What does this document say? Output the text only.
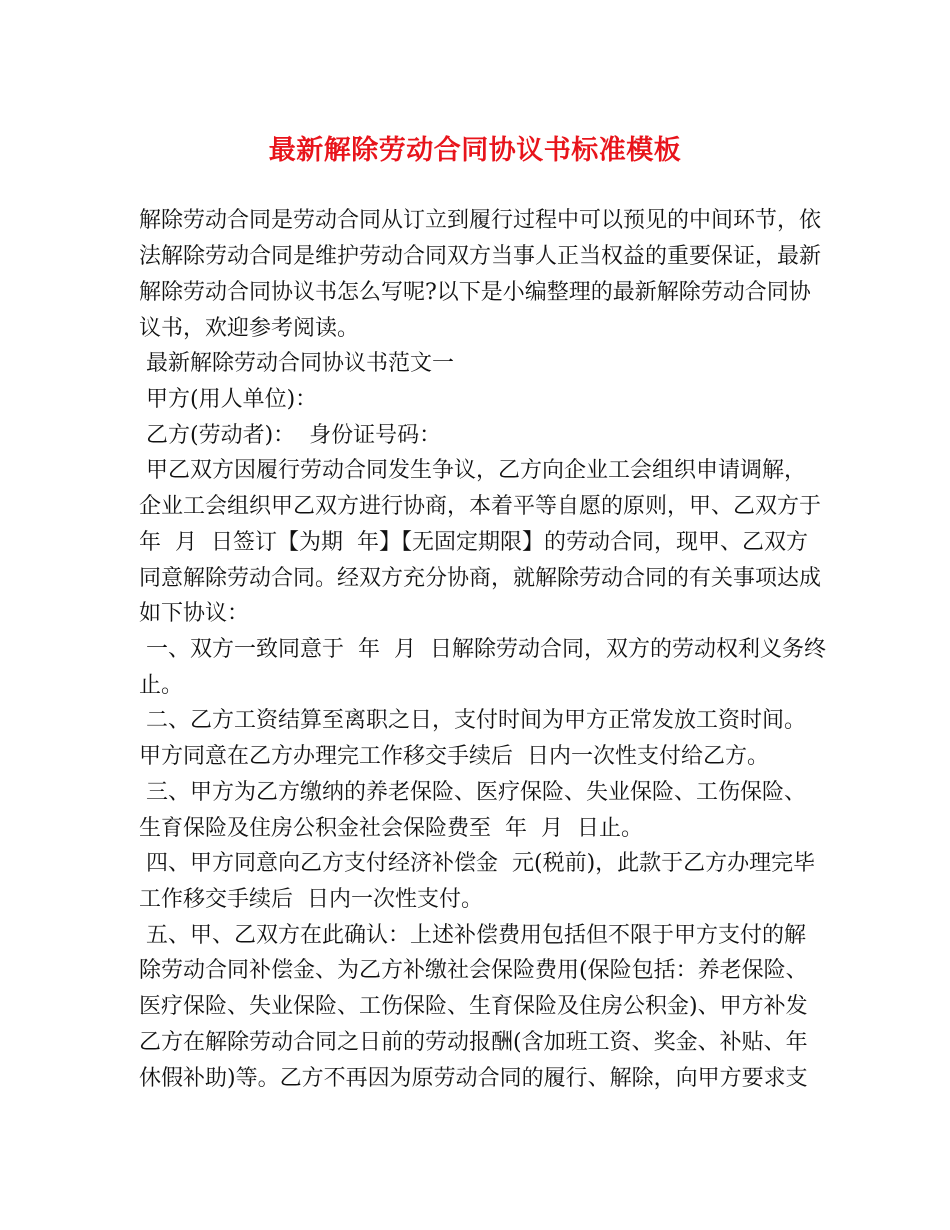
最新解除劳动合同协议书标准模板
解除劳动合同是劳动合同从订立到履行过程中可以预见的中间环节，依
法解除劳动合同是维护劳动合同双方当事人正当权益的重要保证，最新
解除劳动合同协议书怎么写呢?以下是小编整理的最新解除劳动合同协
议书，欢迎参考阅读。
最新解除劳动合同协议书范文一
甲方(用人单位)：
乙方(劳动者)：  身份证号码：
甲乙双方因履行劳动合同发生争议，乙方向企业工会组织申请调解，
企业工会组织甲乙双方进行协商，本着平等自愿的原则，甲、乙双方于
年  月  日签订【为期  年】【无固定期限】的劳动合同，现甲、乙双方
同意解除劳动合同。经双方充分协商，就解除劳动合同的有关事项达成
如下协议：
一、双方一致同意于  年  月  日解除劳动合同，双方的劳动权利义务终
止。
二、乙方工资结算至离职之日，支付时间为甲方正常发放工资时间。
甲方同意在乙方办理完工作移交手续后  日内一次性支付给乙方。
三、甲方为乙方缴纳的养老保险、医疗保险、失业保险、工伤保险、
生育保险及住房公积金社会保险费至  年  月  日止。
四、甲方同意向乙方支付经济补偿金  元(税前)，此款于乙方办理完毕
工作移交手续后  日内一次性支付。
五、甲、乙双方在此确认：上述补偿费用包括但不限于甲方支付的解
除劳动合同补偿金、为乙方补缴社会保险费用(保险包括：养老保险、
医疗保险、失业保险、工伤保险、生育保险及住房公积金)、甲方补发
乙方在解除劳动合同之日前的劳动报酬(含加班工资、奖金、补贴、年
休假补助)等。乙方不再因为原劳动合同的履行、解除，向甲方要求支
